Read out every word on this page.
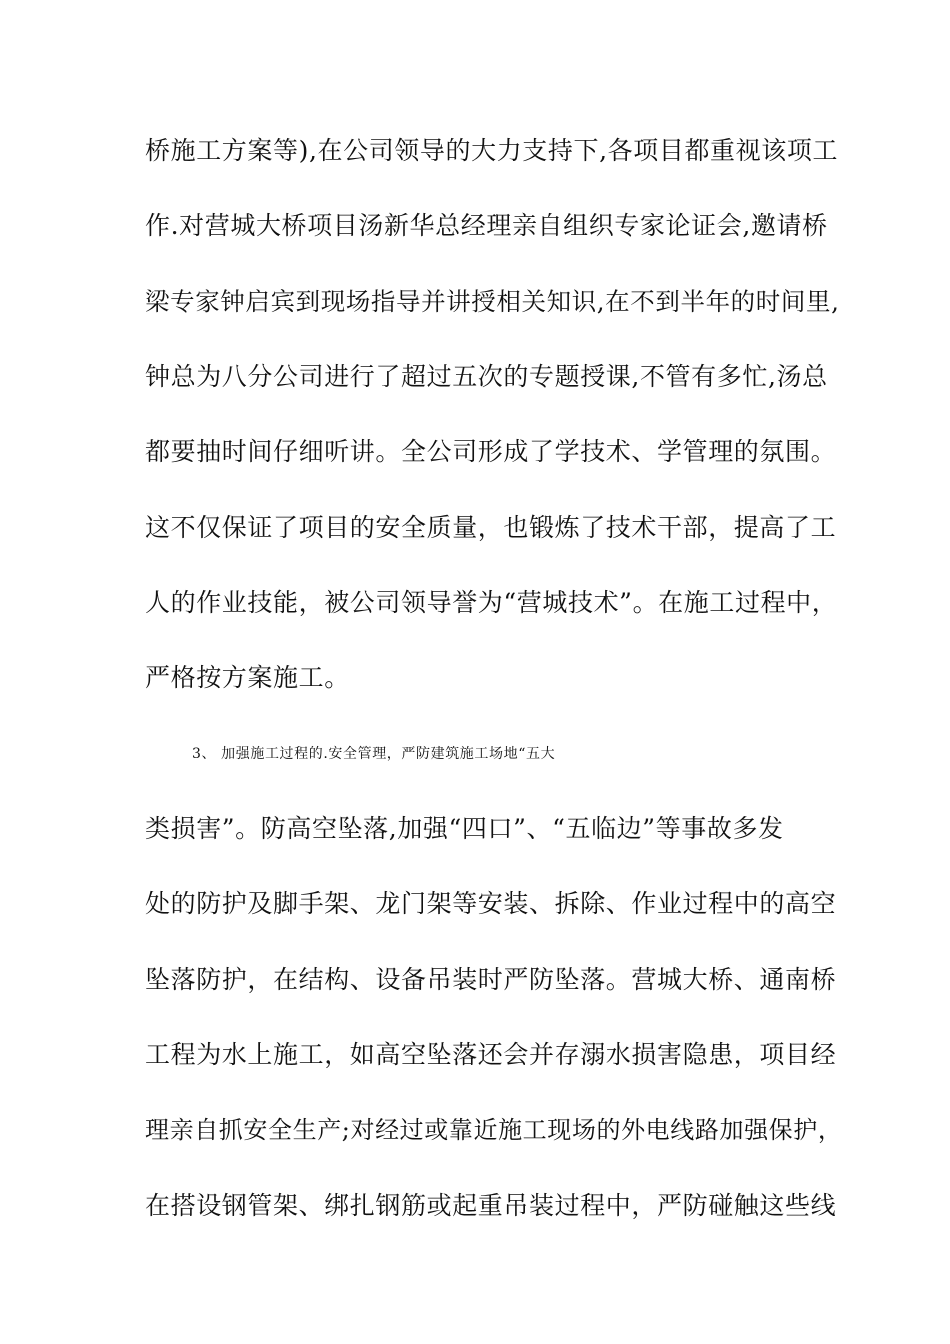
桥施工方案等),在公司领导的大力支持下,各项目都重视该项工
作.对营城大桥项目汤新华总经理亲自组织专家论证会,邀请桥
梁专家钟启宾到现场指导并讲授相关知识,在不到半年的时间里,
钟总为八分公司进行了超过五次的专题授课,不管有多忙,汤总
都要抽时间仔细听讲。全公司形成了学技术、学管理的氛围。
这不仅保证了项目的安全质量，也锻炼了技术干部，提高了工
人的作业技能，被公司领导誉为“营城技术”。在施工过程中，
严格按方案施工。
3、 加强施工过程的.安全管理，严防建筑施工场地“五大
类损害”。防高空坠落,加强“四口”、“五临边”等事故多发
处的防护及脚手架、龙门架等安装、拆除、作业过程中的高空
坠落防护，在结构、设备吊装时严防坠落。营城大桥、通南桥
工程为水上施工，如高空坠落还会并存溺水损害隐患，项目经
理亲自抓安全生产;对经过或靠近施工现场的外电线路加强保护，
在搭设钢管架、绑扎钢筋或起重吊装过程中，严防碰触这些线
